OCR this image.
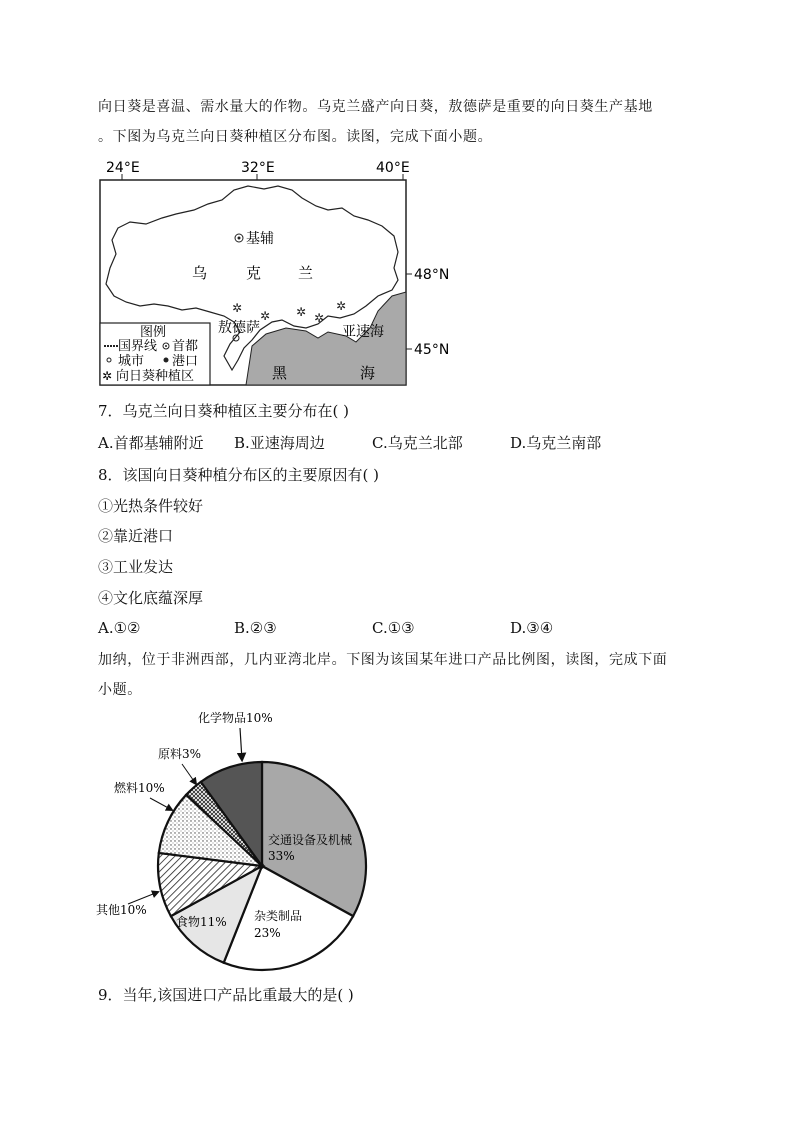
向日葵是喜温、需水量大的作物。乌克兰盛产向日葵，敖德萨是重要的向日葵生产基地
。下图为乌克兰向日葵种植区分布图。读图，完成下面小题。
24°E	32°E	40°E
乌	克 兰
基辅
✲
✲ ✲ ✲
✲
敖德萨	亚速海
黑	海
48°N
45°N
图例
国界线 首都
城市 港口
✲ 向日葵种植区
7．乌克兰向日葵种植区主要分布在( )
A.首都基辅附近 B.亚速海周边	C.乌克兰北部	D.乌克兰南部
8．该国向日葵种植分布区的主要原因有( )
①光热条件较好
②靠近港口
③工业发达
④文化底蕴深厚
A.①②	B.②③	C.①③	D.③④
加纳，位于非洲西部，几内亚湾北岸。下图为该国某年进口产品比例图，读图，完成下面
小题。
交通设备及机械
33%
杂类制品
23%
食物11%
其他10%
燃料10%
原料3%
化学物品10%
9．当年,该国进口产品比重最大的是( )
